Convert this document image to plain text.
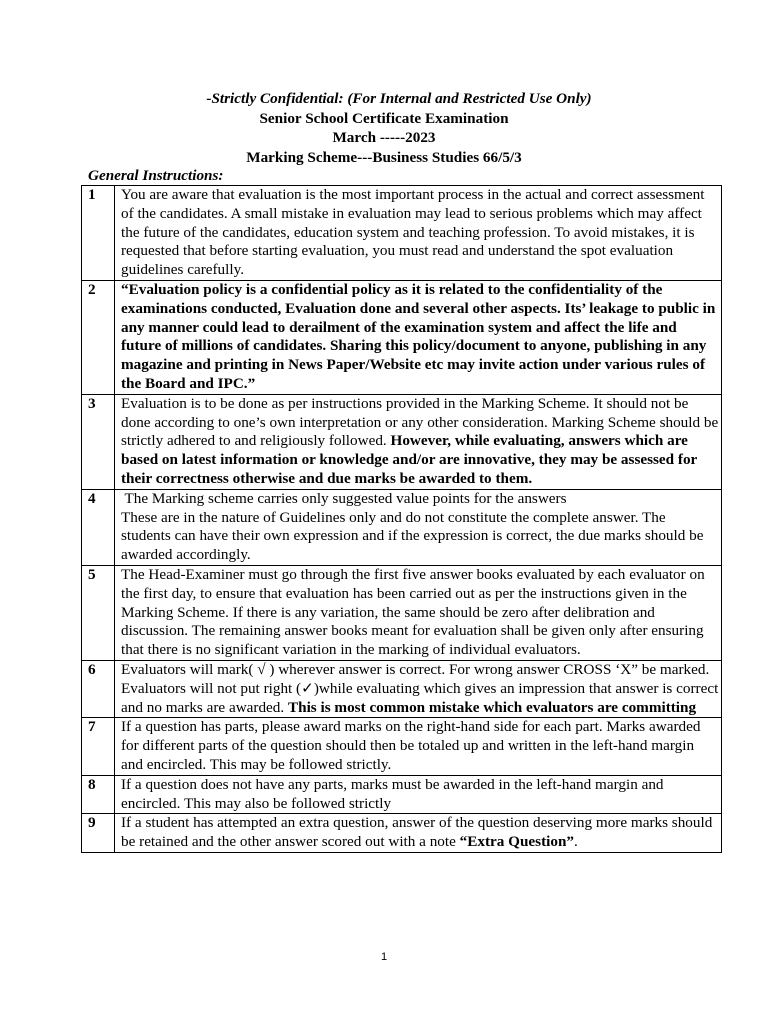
-Strictly Confidential: (For Internal and Restricted Use Only)
Senior School Certificate Examination
March -----2023
Marking Scheme---Business Studies 66/5/3
General Instructions:
1	You are aware that evaluation is the most important process in the actual and correct assessment of the candidates. A small mistake in evaluation may lead to serious problems which may affect the future of the candidates, education system and teaching profession. To avoid mistakes, it is requested that before starting evaluation, you must read and understand the spot evaluation guidelines carefully.
2	“Evaluation policy is a confidential policy as it is related to the confidentiality of the examinations conducted, Evaluation done and several other aspects. Its’ leakage to public in any manner could lead to derailment of the examination system and affect the life and future of millions of candidates. Sharing this policy/document to anyone, publishing in any magazine and printing in News Paper/Website etc may invite action under various rules of the Board and IPC.”
3	Evaluation is to be done as per instructions provided in the Marking Scheme. It should not be done according to one’s own interpretation or any other consideration. Marking Scheme should be strictly adhered to and religiously followed. However, while evaluating, answers which are based on latest information or knowledge and/or are innovative, they may be assessed for their correctness otherwise and due marks be awarded to them.
4	The Marking scheme carries only suggested value points for the answers
These are in the nature of Guidelines only and do not constitute the complete answer. The students can have their own expression and if the expression is correct, the due marks should be awarded accordingly.
5	The Head-Examiner must go through the first five answer books evaluated by each evaluator on the first day, to ensure that evaluation has been carried out as per the instructions given in the Marking Scheme. If there is any variation, the same should be zero after delibration and discussion. The remaining answer books meant for evaluation shall be given only after ensuring that there is no significant variation in the marking of individual evaluators.
6	Evaluators will mark( √ ) wherever answer is correct. For wrong answer CROSS ‘X” be marked. Evaluators will not put right (✓)while evaluating which gives an impression that answer is correct and no marks are awarded. This is most common mistake which evaluators are committing
7	If a question has parts, please award marks on the right-hand side for each part. Marks awarded for different parts of the question should then be totaled up and written in the left-hand margin and encircled. This may be followed strictly.
8	If a question does not have any parts, marks must be awarded in the left-hand margin and encircled. This may also be followed strictly
9	If a student has attempted an extra question, answer of the question deserving more marks should be retained and the other answer scored out with a note “Extra Question”.
1
